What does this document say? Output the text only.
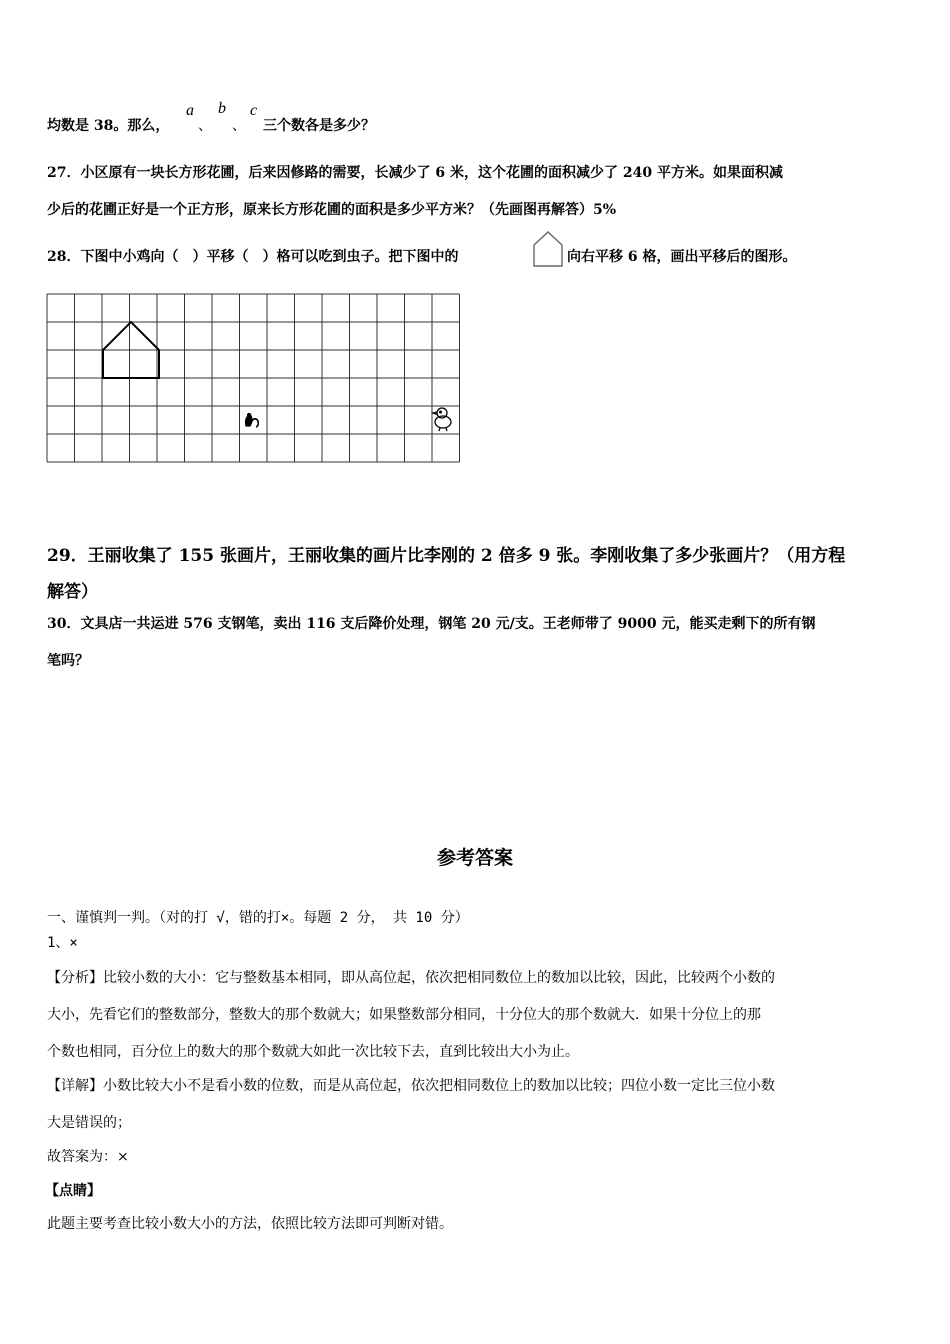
均数是 38。那么，
a
、
b
、
c
三个数各是多少？
27．小区原有一块长方形花圃，后来因修路的需要，长减少了 6 米，这个花圃的面积减少了 240 平方米。如果面积减
少后的花圃正好是一个正方形，原来长方形花圃的面积是多少平方米？（先画图再解答）5%
28．下图中小鸡向（　）平移（　）格可以吃到虫子。把下图中的	向右平移 6 格，画出平移后的图形。
29．王丽收集了 155 张画片，王丽收集的画片比李刚的 2 倍多 9 张。李刚收集了多少张画片？（用方程
解答）
30．文具店一共运进 576 支钢笔，卖出 116 支后降价处理，钢笔 20 元/支。王老师带了 9000 元，能买走剩下的所有钢
笔吗？
参考答案
一、谨慎判一判。（对的打 √，错的打×。每题 2 分， 共 10 分）
1、×
【分析】比较小数的大小：它与整数基本相同，即从高位起，依次把相同数位上的数加以比较，因此，比较两个小数的
大小，先看它们的整数部分，整数大的那个数就大；如果整数部分相同，十分位大的那个数就大．如果十分位上的那
个数也相同，百分位上的数大的那个数就大如此一次比较下去，直到比较出大小为止。
【详解】小数比较大小不是看小数的位数，而是从高位起，依次把相同数位上的数加以比较；四位小数一定比三位小数
大是错误的；
故答案为：×
【点睛】
此题主要考查比较小数大小的方法，依照比较方法即可判断对错。
